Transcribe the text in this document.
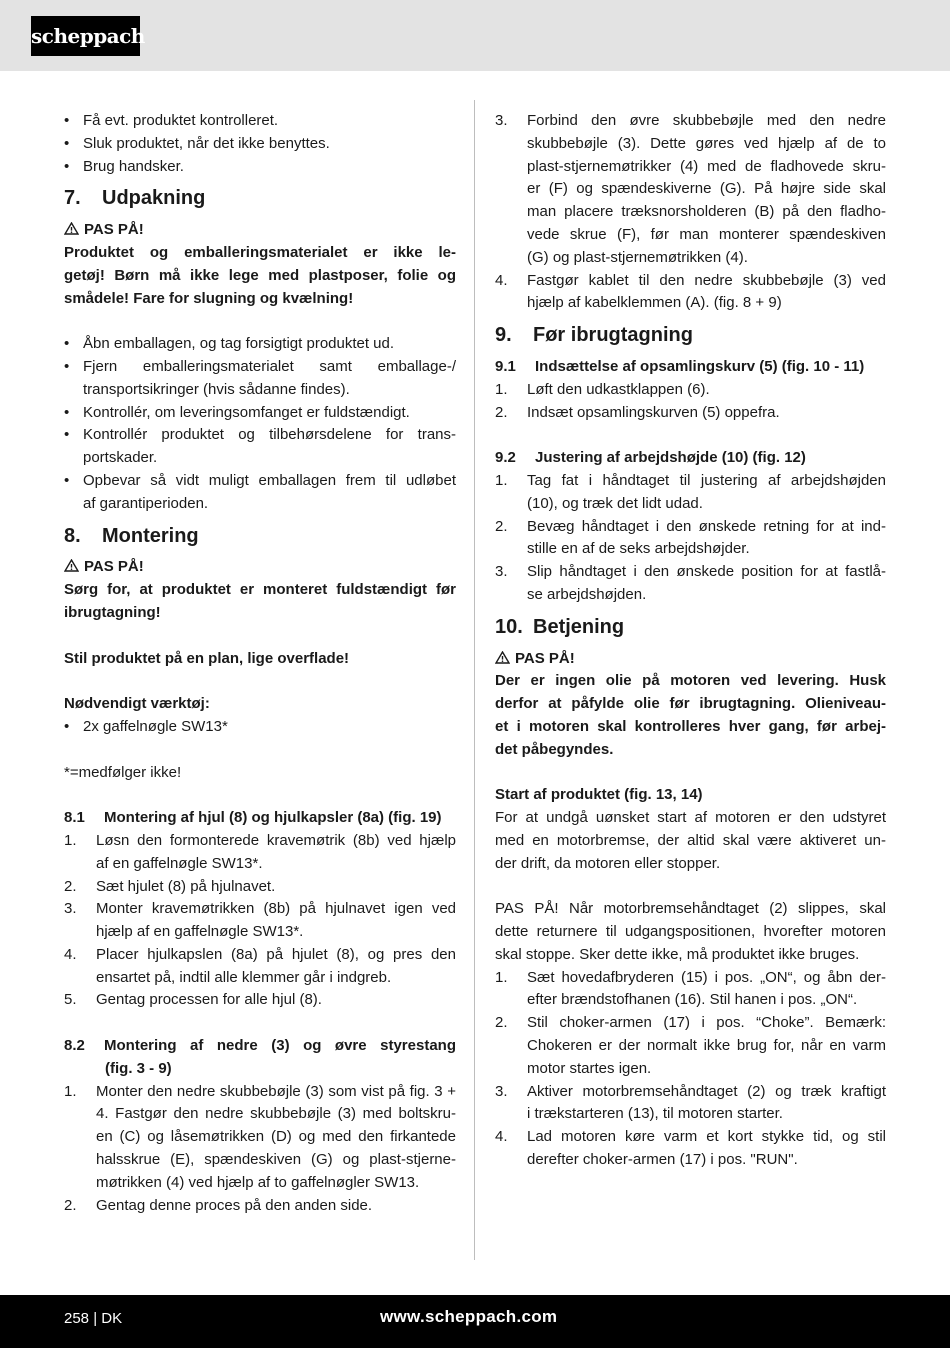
scheppach
• Få evt. produktet kontrolleret.
• Sluk produktet, når det ikke benyttes.
• Brug handsker.
7.	Udpakning
PAS PÅ!
Produktet og emballeringsmaterialet er ikke le-
getøj! Børn må ikke lege med plastposer, folie og
smådele! Fare for slugning og kvælning!
• Åbn emballagen, og tag forsigtigt produktet ud.
• Fjern emballeringsmaterialet samt emballage-/
transportsikringer (hvis sådanne findes).
• Kontrollér, om leveringsomfanget er fuldstændigt.
• Kontrollér produktet og tilbehørsdelene for trans-
portskader.
• Opbevar så vidt muligt emballagen frem til udløbet
af garantiperioden.
8.	Montering
PAS PÅ!
Sørg for, at produktet er monteret fuldstændigt før
ibrugtagning!
Stil produktet på en plan, lige overflade!
Nødvendigt værktøj:
• 2x gaffelnøgle SW13*
*=medfølger ikke!
8.1 Montering af hjul (8) og hjulkapsler (8a) (fig. 19)
1. Løsn den formonterede kravemøtrik (8b) ved hjælp
af en gaffelnøgle SW13*.
2. Sæt hjulet (8) på hjulnavet.
3. Monter kravemøtrikken (8b) på hjulnavet igen ved
hjælp af en gaffelnøgle SW13*.
4. Placer hjulkapslen (8a) på hjulet (8), og pres den
ensartet på, indtil alle klemmer går i indgreb.
5. Gentag processen for alle hjul (8).
8.2 Montering af nedre (3) og øvre styrestang
(fig. 3 - 9)
1. Monter den nedre skubbebøjle (3) som vist på fig. 3 +
4. Fastgør den nedre skubbebøjle (3) med boltskru-
en (C) og låsemøtrikken (D) og med den firkantede
halsskrue (E), spændeskiven (G) og plast-stjerne-
møtrikken (4) ved hjælp af to gaffelnøgler SW13.
2. Gentag denne proces på den anden side.
3. Forbind den øvre skubbebøjle med den nedre
skubbebøjle (3). Dette gøres ved hjælp af de to
plast-stjernemøtrikker (4) med de fladhovede skru-
er (F) og spændeskiverne (G). På højre side skal
man placere træksnorsholderen (B) på den fladho-
vede skrue (F), før man monterer spændeskiven
(G) og plast-stjernemøtrikken (4).
4. Fastgør kablet til den nedre skubbebøjle (3) ved
hjælp af kabelklemmen (A). (fig. 8 + 9)
9.	Før ibrugtagning
9.1 Indsættelse af opsamlingskurv (5) (fig. 10 - 11)
1. Løft den udkastklappen (6).
2. Indsæt opsamlingskurven (5) oppefra.
9.2 Justering af arbejdshøjde (10) (fig. 12)
1. Tag fat i håndtaget til justering af arbejdshøjden
(10), og træk det lidt udad.
2. Bevæg håndtaget i den ønskede retning for at ind-
stille en af de seks arbejdshøjder.
3. Slip håndtaget i den ønskede position for at fastlå-
se arbejdshøjden.
10. Betjening
PAS PÅ!
Der er ingen olie på motoren ved levering. Husk
derfor at påfylde olie før ibrugtagning. Olieniveau-
et i motoren skal kontrolleres hver gang, før arbej-
det påbegyndes.
Start af produktet (fig. 13, 14)
For at undgå uønsket start af motoren er den udstyret
med en motorbremse, der altid skal være aktiveret un-
der drift, da motoren eller stopper.
PAS PÅ! Når motorbremsehåndtaget (2) slippes, skal
dette returnere til udgangspositionen, hvorefter motoren
skal stoppe. Sker dette ikke, må produktet ikke bruges.
1. Sæt hovedafbryderen (15) i pos. „ON“, og åbn der-
efter brændstofhanen (16). Stil hanen i pos. „ON“.
2. Stil choker-armen (17) i pos. “Choke”. Bemærk:
Chokeren er der normalt ikke brug for, når en varm
motor startes igen.
3. Aktiver motorbremsehåndtaget (2) og træk kraftigt
i trækstarteren (13), til motoren starter.
4. Lad motoren køre varm et kort stykke tid, og stil
derefter choker-armen (17) i pos. "RUN".
258 | DK	www.scheppach.com
